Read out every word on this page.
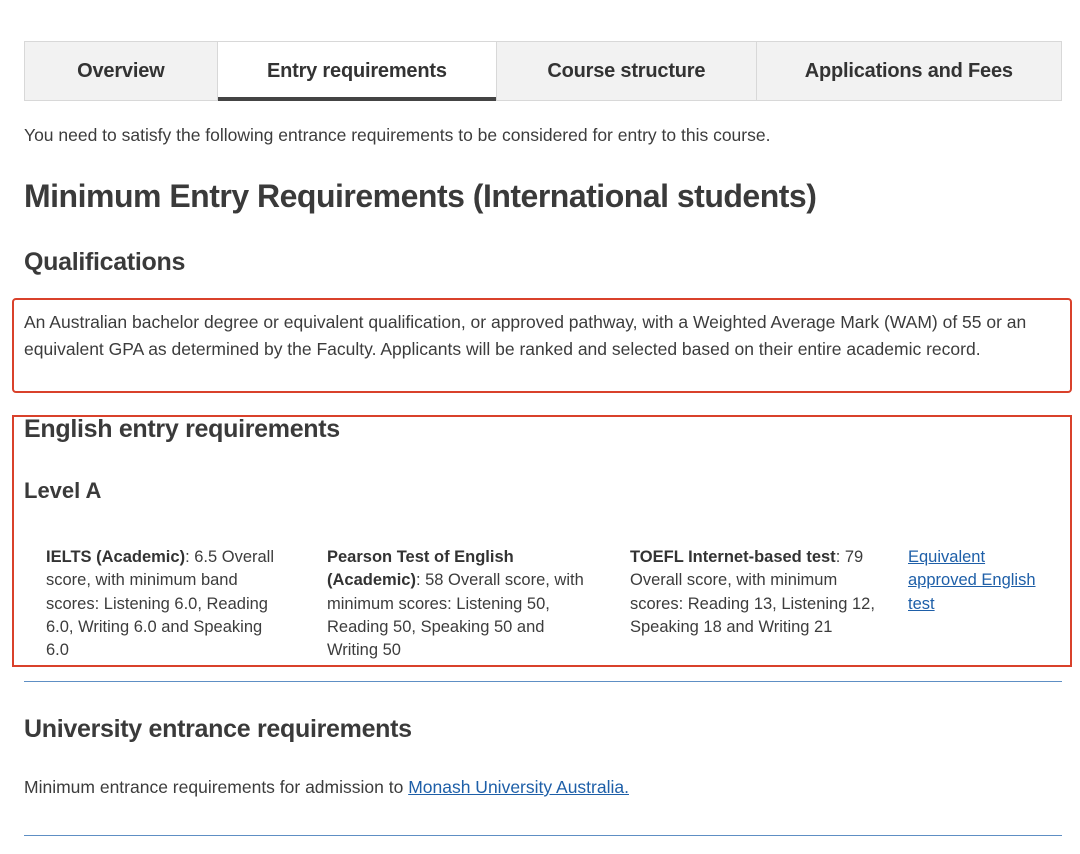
Overview	Entry requirements	Course structure	Applications and Fees

You need to satisfy the following entrance requirements to be considered for entry to this course.

Minimum Entry Requirements (International students)
Qualifications

An Australian bachelor degree or equivalent qualification, or approved pathway, with a Weighted Average Mark (WAM) of 55 or an equivalent GPA as determined by the Faculty. Applicants will be ranked and selected based on their entire academic record.

English entry requirements
Level A
IELTS (Academic): 6.5 Overall score, with minimum band scores: Listening 6.0, Reading 6.0, Writing 6.0 and Speaking 6.0
Pearson Test of English (Academic): 58 Overall score, with minimum scores: Listening 50, Reading 50, Speaking 50 and Writing 50
TOEFL Internet-based test: 79 Overall score, with minimum scores: Reading 13, Listening 12, Speaking 18 and Writing 21
Equivalent approved English test
University entrance requirements

Minimum entrance requirements for admission to Monash University Australia.
